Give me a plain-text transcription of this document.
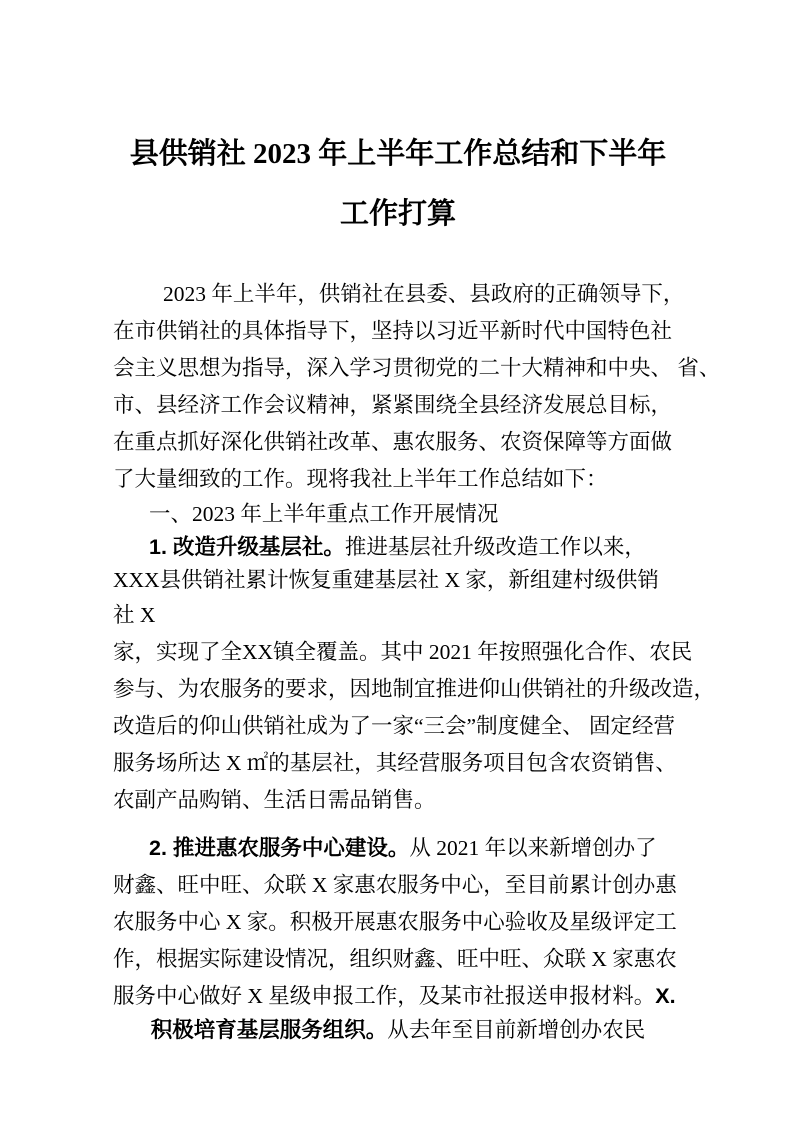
县供销社 2023 年上半年工作总结和下半年
工作打算
2023 年上半年，供销社在县委、县政府的正确领导下，
在市供销社的具体指导下，坚持以习近平新时代中国特色社
会主义思想为指导，深入学习贯彻党的二十大精神和中央、 省、
市、县经济工作会议精神，紧紧围绕全县经济发展总目标，
在重点抓好深化供销社改革、惠农服务、农资保障等方面做
了大量细致的工作。现将我社上半年工作总结如下：
一、2023 年上半年重点工作开展情况
1. 改造升级基层社。推进基层社升级改造工作以来，
XXX县供销社累计恢复重建基层社 X 家，新组建村级供销
社 X
家，实现了全XX镇全覆盖。其中 2021 年按照强化合作、农民
参与、为农服务的要求，因地制宜推进仰山供销社的升级改造，
改造后的仰山供销社成为了一家“三会”制度健全、 固定经营
服务场所达 X ㎡的基层社，其经营服务项目包含农资销售、
农副产品购销、生活日需品销售。
2. 推进惠农服务中心建设。从 2021 年以来新增创办了
财鑫、旺中旺、众联 X 家惠农服务中心，至目前累计创办惠
农服务中心 X 家。积极开展惠农服务中心验收及星级评定工
作，根据实际建设情况，组织财鑫、旺中旺、众联 X 家惠农
服务中心做好 X 星级申报工作，及某市社报送申报材料。X.
积极培育基层服务组织。从去年至目前新增创办农民
